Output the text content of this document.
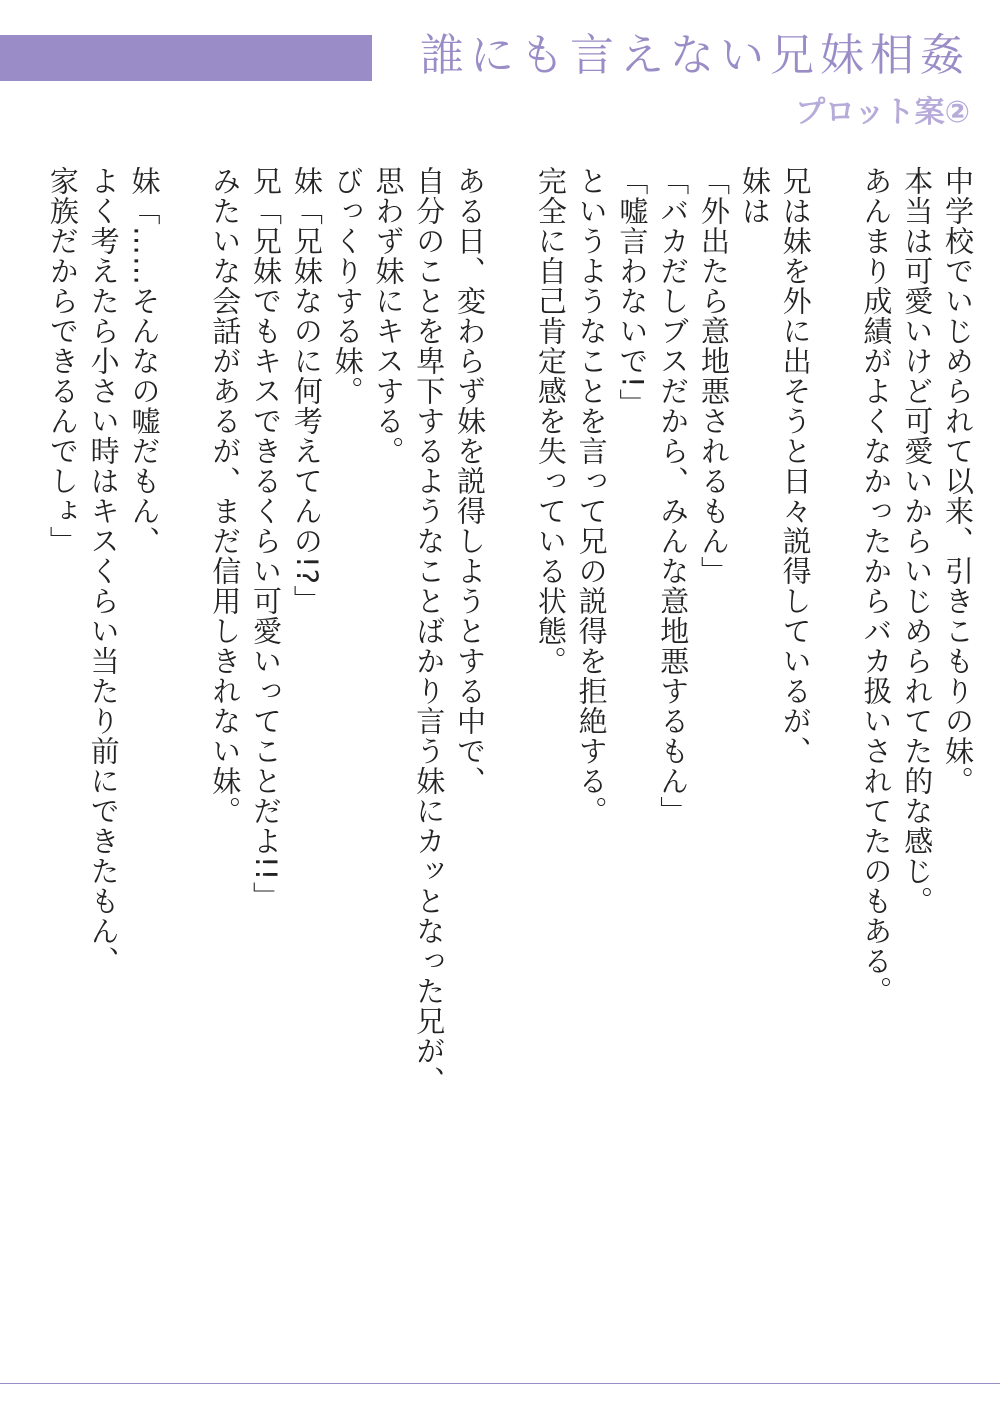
誰にも言えない兄妹相姦
プロット案②

中学校でいじめられて以来、引きこもりの妹。

本当は可愛いけど可愛いからいじめられてた的な感じ。

あんまり成績がよくなかったからバカ扱いされてたのもある。

兄は妹を外に出そうと日々説得しているが、

妹は

「外出たら意地悪されるもん」

「バカだしブスだから、みんな意地悪するもん」

「嘘言わないで!」

というようなことを言って兄の説得を拒絶する。

完全に自己肯定感を失っている状態。

ある日、変わらず妹を説得しようとする中で、

自分のことを卑下するようなことばかり言う妹にカッとなった兄が、

思わず妹にキスする。

びっくりする妹。

妹「兄妹なのに何考えてんの!?」

兄「兄妹でもキスできるくらい可愛いってことだよ!!」

みたいな会話があるが、まだ信用しきれない妹。

妹「……そんなの嘘だもん、

よく考えたら小さい時はキスくらい当たり前にできたもん、

家族だからできるんでしょ」
